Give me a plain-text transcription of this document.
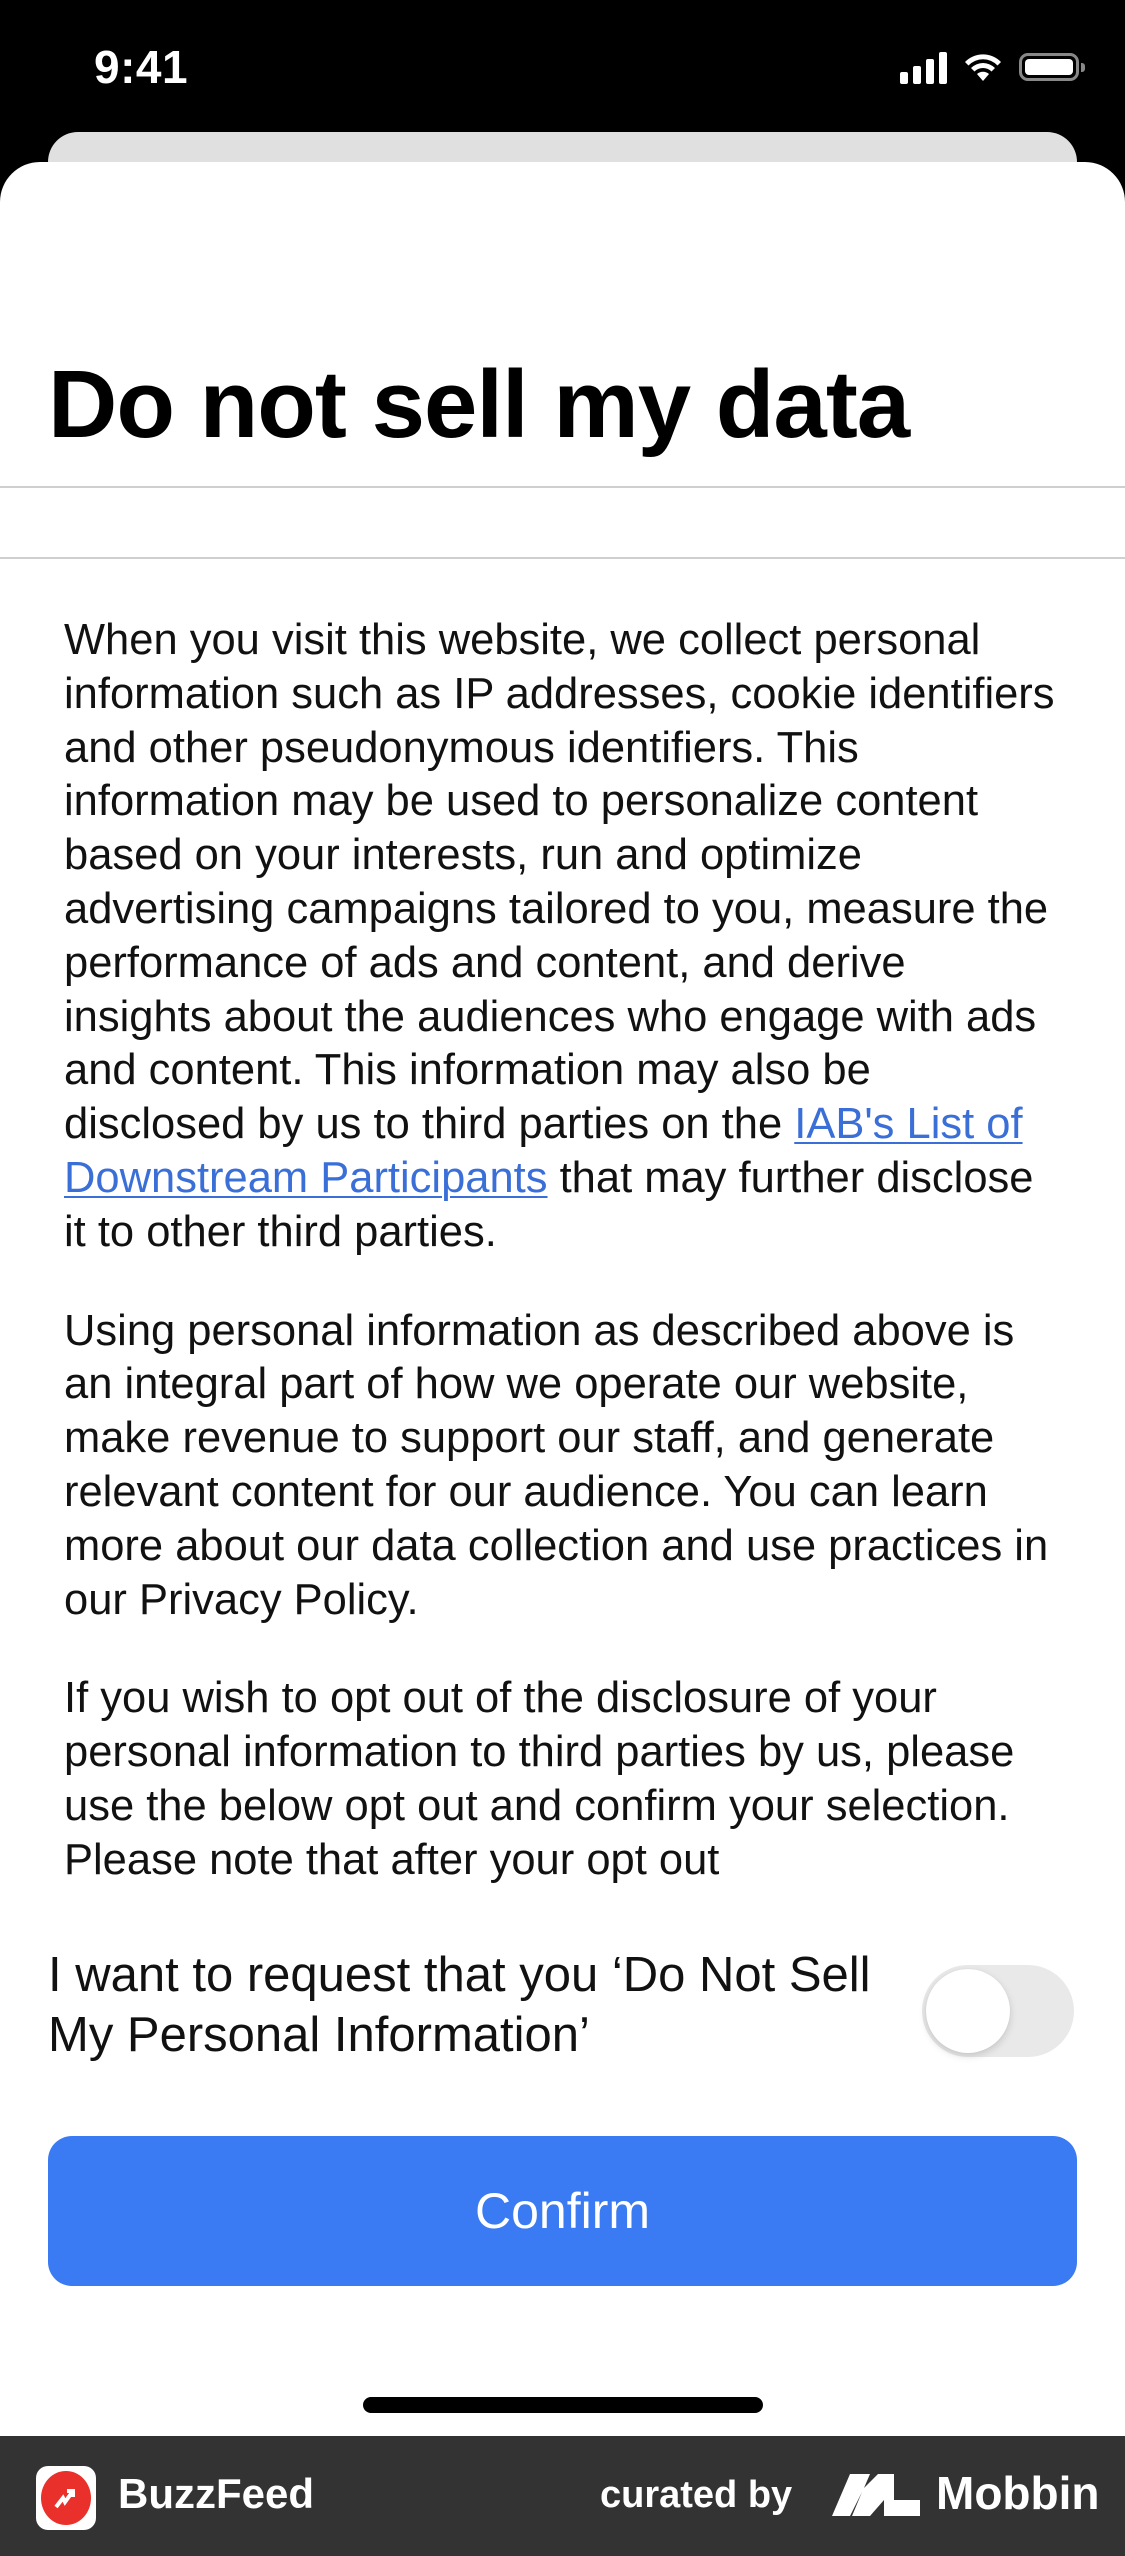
9:41
Do not sell my data

When you visit this website, we collect personal information such as IP addresses, cookie identifiers and other pseudonymous identifiers. This information may be used to personalize content based on your interests, run and optimize advertising campaigns tailored to you, measure the performance of ads and content, and derive insights about the audiences who engage with ads and content. This information may also be disclosed by us to third parties on the IAB's List of Downstream Participants that may further disclose it to other third parties.

Using personal information as described above is an integral part of how we operate our website, make revenue to support our staff, and generate relevant content for our audience. You can learn more about our data collection and use practices in our Privacy Policy.

If you wish to opt out of the disclosure of your personal information to third parties by us, please use the below opt out and confirm your selection. Please note that after your opt out

I want to request that you ‘Do Not Sell My Personal Information’
Confirm
BuzzFeed	curated by	Mobbin
